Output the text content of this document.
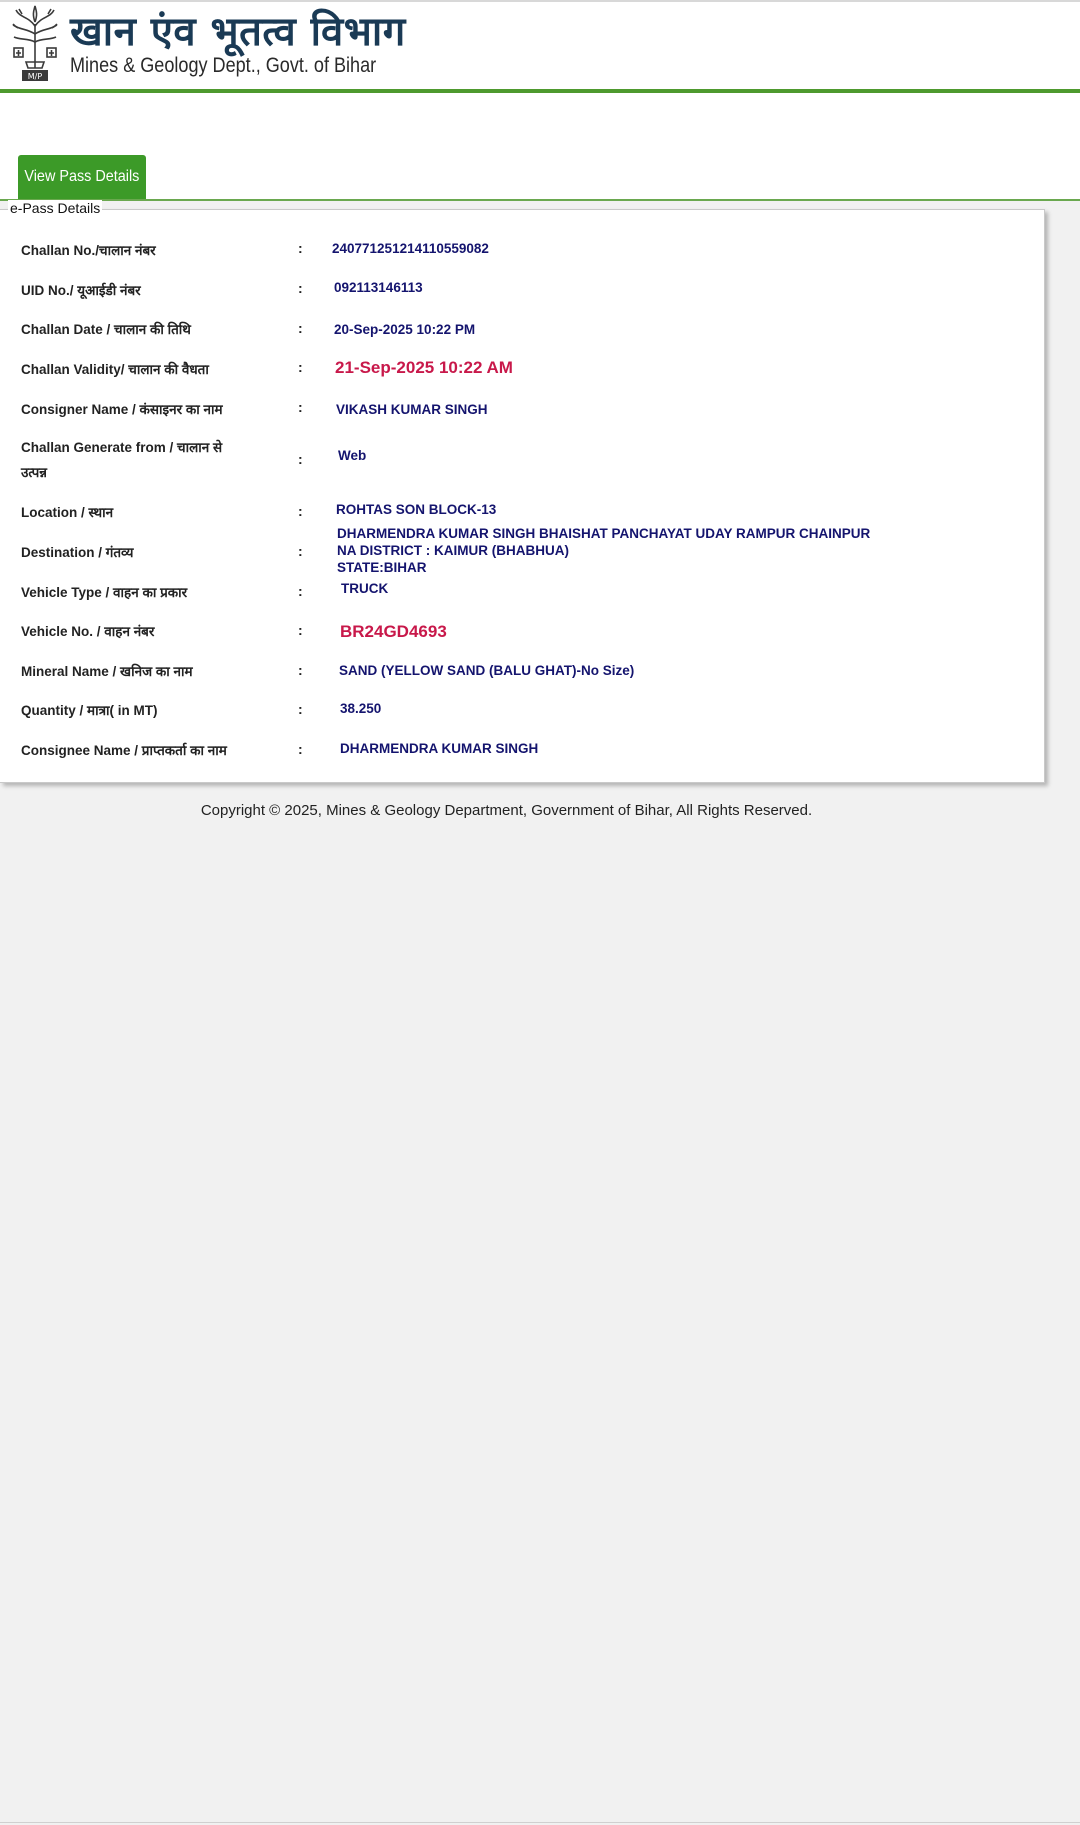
M/P
खान एंव भूतत्व विभाग
Mines & Geology Dept., Govt. of Bihar
View Pass Details
e-Pass Details
Challan No./चालान नंबर	: 240771251214110559082
UID No./ यूआईडी नंबर	: 092113146113
Challan Date / चालान की तिथि	: 20-Sep-2025 10:22 PM
Challan Validity/ चालान की वैधता	: 21-Sep-2025 10:22 AM
Consigner Name / कंसाइनर का नाम	: VIKASH KUMAR SINGH
Challan Generate from / चालान से
उत्पन्न
:	Web
Location / स्थान	: ROHTAS SON BLOCK-13
Destination / गंतव्य	:
DHARMENDRA KUMAR SINGH BHAISHAT PANCHAYAT UDAY RAMPUR CHAINPUR
NA DISTRICT : KAIMUR (BHABHUA)
STATE:BIHAR
Vehicle Type / वाहन का प्रकार	:	TRUCK
Vehicle No. / वाहन नंबर	: BR24GD4693
Mineral Name / खनिज का नाम	:	SAND (YELLOW SAND (BALU GHAT)-No Size)
Quantity / मात्रा( in MT)	:	38.250
Consignee Name / प्राप्तकर्ता का नाम	:	DHARMENDRA KUMAR SINGH
Copyright © 2025, Mines & Geology Department, Government of Bihar, All Rights Reserved.
